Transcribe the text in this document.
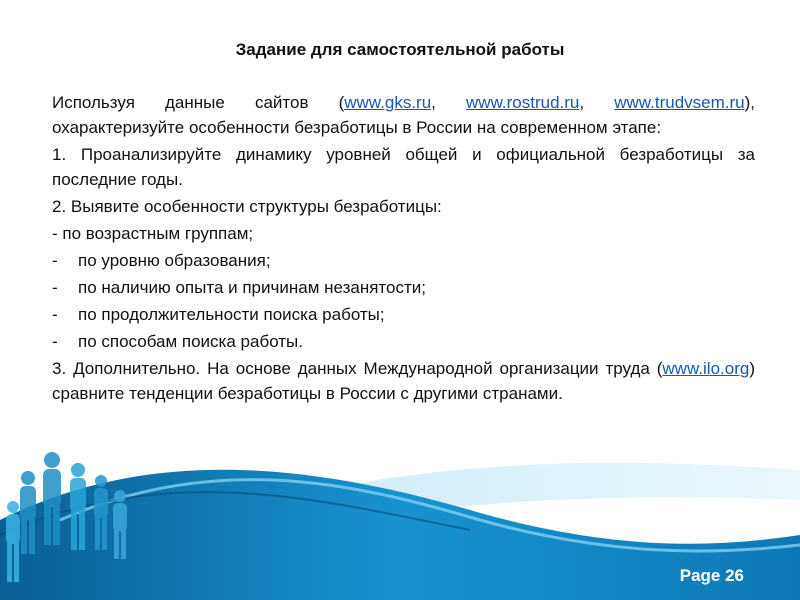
Задание для самостоятельной работы

Используя данные сайтов (www.gks.ru, www.rostrud.ru, www.trudvsem.ru), охарактеризуйте особенности безработицы в России на современном этапе:

1. Проанализируйте динамику уровней общей и официальной безработицы за последние годы.

2. Выявите особенности структуры безработицы:

- по возрастным группам;

- по уровню образования;
- по наличию опыта и причинам незанятости;
- по продолжительности поиска работы;
- по способам поиска работы.

3. Дополнительно. На основе данных Международной организации труда (www.ilo.org) сравните тенденции безработицы в России с другими странами.

Page 26
